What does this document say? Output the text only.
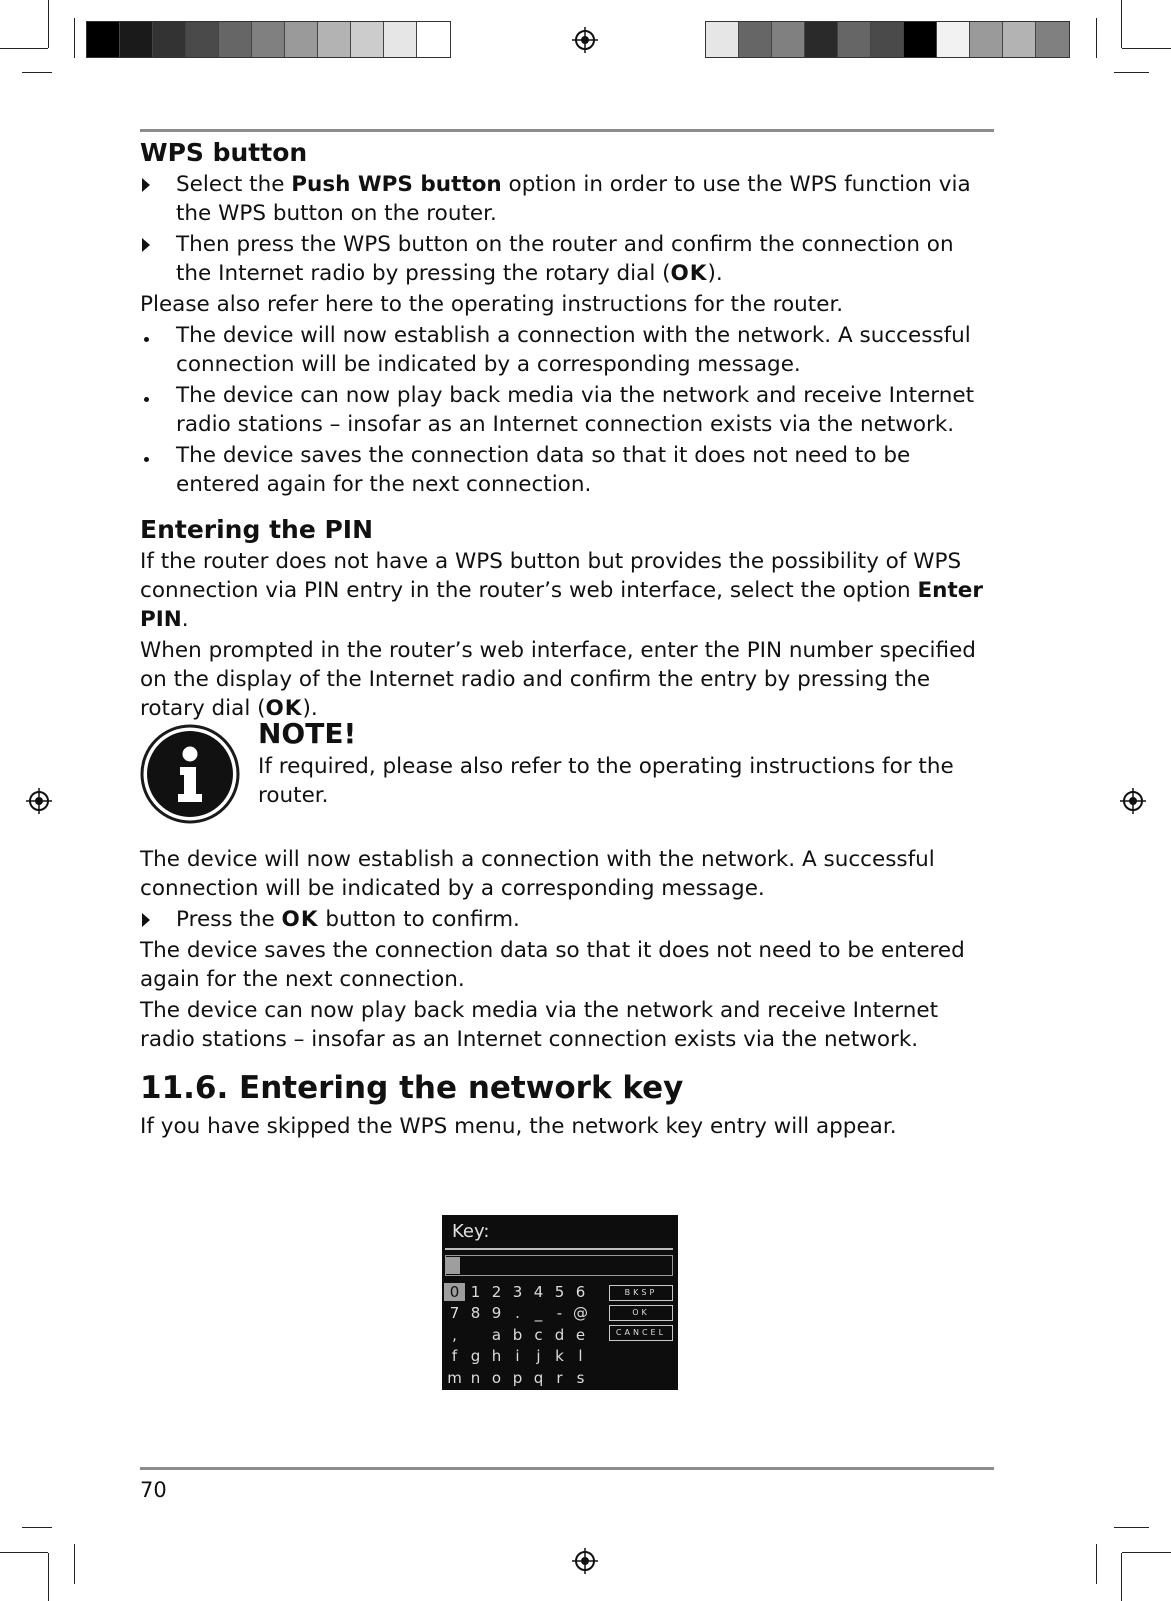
WPS button

Select the Push WPS button option in order to use the WPS function via the WPS button on the router.

Then press the WPS button on the router and confirm the connection on the Internet radio by pressing the rotary dial (OK).

Please also refer here to the operating instructions for the router.

The device will now establish a connection with the network. A successful connection will be indicated by a corresponding message.

The device can now play back media via the network and receive Internet radio stations – insofar as an Internet connection exists via the network.

The device saves the connection data so that it does not need to be entered again for the next connection.

Entering the PIN

If the router does not have a WPS button but provides the possibility of WPS connection via PIN entry in the router’s web interface, select the option Enter PIN.

When prompted in the router’s web interface, enter the PIN number specified on the display of the Internet radio and confirm the entry by pressing the rotary dial (OK).

NOTE!
If required, please also refer to the operating instructions for the router.

The device will now establish a connection with the network. A successful connection will be indicated by a corresponding message.

Press the OK button to confirm.

The device saves the connection data so that it does not need to be entered again for the next connection.

The device can now play back media via the network and receive Internet radio stations – insofar as an Internet connection exists via the network.

11.6. Entering the network key

If you have skipped the WPS menu, the network key entry will appear.

Key:
0 1 2 3 4 5 6
7 8 9 . _ - @
,	a b c d e
f g h i	j k l
m n o p q r s
BKSP
OK
CANCEL
70
